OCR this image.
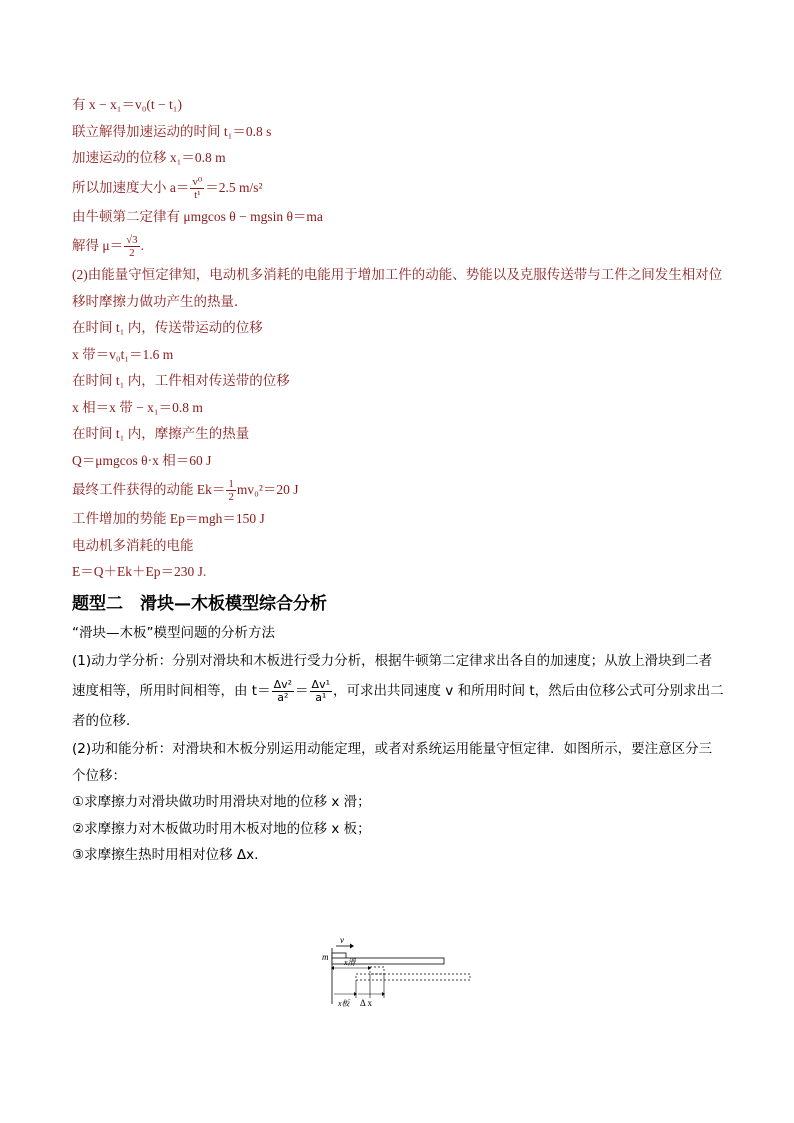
有 x − x₁＝v₀(t − t₁)
联立解得加速运动的时间 t₁＝0.8 s
加速运动的位移 x₁＝0.8 m
所以加速度大小 $a= \frac{\text{v⁰}}{\text{t¹}} =2.5$ m/s²
由牛顿第二定律有 μmgcos θ − mgsin θ＝ma
解得 $\mu= \frac{√3}{2}$ .
(2)由能量守恒定律知，电动机多消耗的电能用于增加工件的动能、势能以及克服传送带与工件之间发生相对位移时摩擦力做功产生的热量．
在时间 t₁ 内，传送带运动的位移
x 带＝v₀t₁＝1.6 m
在时间 t₁ 内，工件相对传送带的位移
x 相＝x 带 − x₁＝0.8 m
在时间 t₁ 内，摩擦产生的热量
Q＝μmgcos θ·x 相＝60 J
最终工件获得的动能 $Ek= \frac{1}{2} mv_0^2=20$ J
工件增加的势能 Ep＝mgh＝150 J
电动机多消耗的电能
E＝Q＋Ek＋Ep＝230 J.
题型二　滑块—木板模型综合分析
“滑块—木板”模型问题的分析方法
(1)动力学分析：分别对滑块和木板进行受力分析，根据牛顿第二定律求出各自的加速度；从放上滑块到二者速度相等，所用时间相等，由 $t= \frac{\text{Δv²}}{\text{a²}} = \frac{\text{Δv¹}}{\text{a¹}}$ ，可求出共同速度 v 和所用时间 t，然后由位移公式可分别求出二者的位移．
(2)功和能分析：对滑块和木板分别运用动能定理，或者对系统运用能量守恒定律．如图所示，要注意区分三个位移：
①求摩擦力对滑块做功时用滑块对地的位移 x 滑；
②求摩擦力对木板做功时用木板对地的位移 x 板；
③求摩擦生热时用相对位移 Δx.
v
m
x滑
x板 Δ x
